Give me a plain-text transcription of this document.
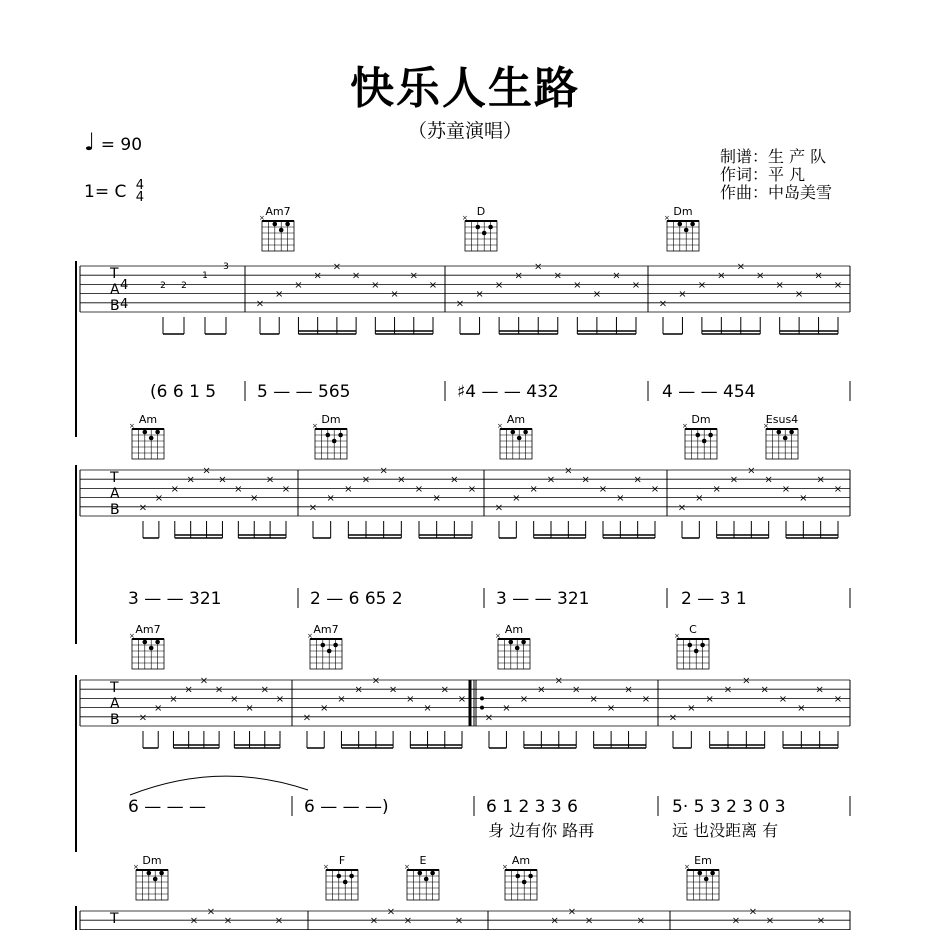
快乐人生路
（苏童演唱）
♩ = 90
1= C 4
4
制谱：生 产 队
作词：平 凡
作曲：中岛美雪
T
A
B
4
4
Am7
×	D
×	Dm
×
2 2
1
3
×
×
×
×
×
×
×
×
×
×
×
×
×
×
×
×
×
×
×
×
×
×
×
×
×
×
×
×
×
×
(6 6 1 5 5 — — 565	♯4 — — 432	4 — — 454
T
A
B
Am
×	Dm
×	Am
×	Dm
×	Esus4
×
×
×
×
×
×
×
×
×
×
×
×
×
×
×
×
×
×
×
×
×
×
×
×
×
×
×
×
×
×
×
×
×
×
×
×
×
×
×
×
×
3 — — 321	2 — 6 65 2	3 — — 321	2 — 3 1
T
A
B
Am7
×	Am7
×	Am
×	C
×
×
×
×
×
×
×
×
×
×
×
×
×
×
×
×
×
×
×
×
×
×
×
×
×
×
×
×
×
×
×
×
×
×
×
×
×
×
×
×
×
6 — — —	6 — — —)	6 1 2 3 3 6	5· 5 3 2 3 0 3
身 边有你 路再	远 也没距离 有
T
Dm
×	F
×	E
×	Am
×	Em
×
×
×
×	×	×
×
×	×	×
×
×	×	×
×
×	×
